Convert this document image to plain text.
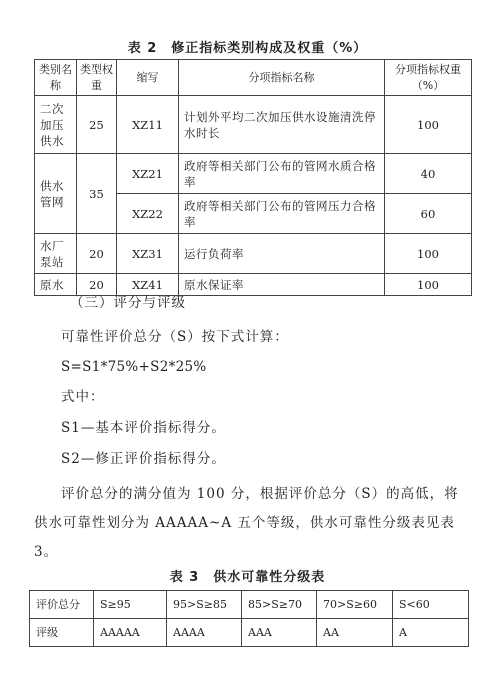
表 2　修正指标类别构成及权重（%）
类别名称	类型权重	缩写	分项指标名称	分项指标权重（%）
二次加压供水	25	XZ11	计划外平均二次加压供水设施清洗停水时长	100
供水管网	35	XZ21	政府等相关部门公布的管网水质合格率	40
		XZ22	政府等相关部门公布的管网压力合格率	60
水厂泵站	20	XZ31	运行负荷率	100
原水	20	XZ41	原水保证率	100
（三）评分与评级
可靠性评价总分（S）按下式计算：
S=S1*75%+S2*25%
式中：
S1—基本评价指标得分。
S2—修正评价指标得分。
评价总分的满分值为 100 分，根据评价总分（S）的高低，将供水可靠性划分为 AAAAA~A 五个等级，供水可靠性分级表见表 3。
表 3　供水可靠性分级表
评价总分	S≥95	95>S≥85	85>S≥70	70>S≥60	S<60
评级	AAAAA	AAAA	AAA	AA	A
